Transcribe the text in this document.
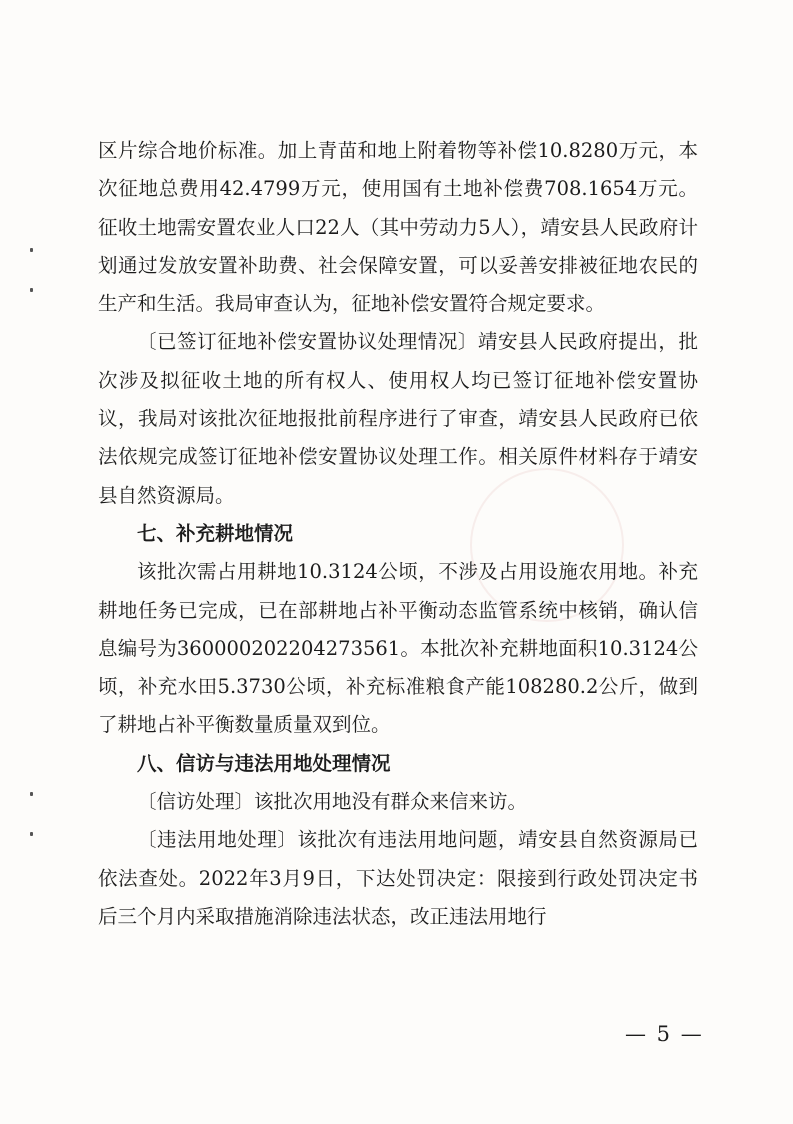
区片综合地价标准。加上青苗和地上附着物等补偿10.8280万元，本次征地总费用42.4799万元，使用国有土地补偿费708.1654万元。征收土地需安置农业人口22人（其中劳动力5人），靖安县人民政府计划通过发放安置补助费、社会保障安置，可以妥善安排被征地农民的生产和生活。我局审查认为，征地补偿安置符合规定要求。

〔已签订征地补偿安置协议处理情况〕靖安县人民政府提出，批次涉及拟征收土地的所有权人、使用权人均已签订征地补偿安置协议，我局对该批次征地报批前程序进行了审查，靖安县人民政府已依法依规完成签订征地补偿安置协议处理工作。相关原件材料存于靖安县自然资源局。

七、补充耕地情况

该批次需占用耕地10.3124公顷，不涉及占用设施农用地。补充耕地任务已完成，已在部耕地占补平衡动态监管系统中核销，确认信息编号为360000202204273561。本批次补充耕地面积10.3124公顷，补充水田5.3730公顷，补充标准粮食产能108280.2公斤，做到了耕地占补平衡数量质量双到位。

八、信访与违法用地处理情况

〔信访处理〕该批次用地没有群众来信来访。

〔违法用地处理〕该批次有违法用地问题，靖安县自然资源局已依法查处。2022年3月9日，下达处罚决定：限接到行政处罚决定书后三个月内采取措施消除违法状态，改正违法用地行

— 5 —
